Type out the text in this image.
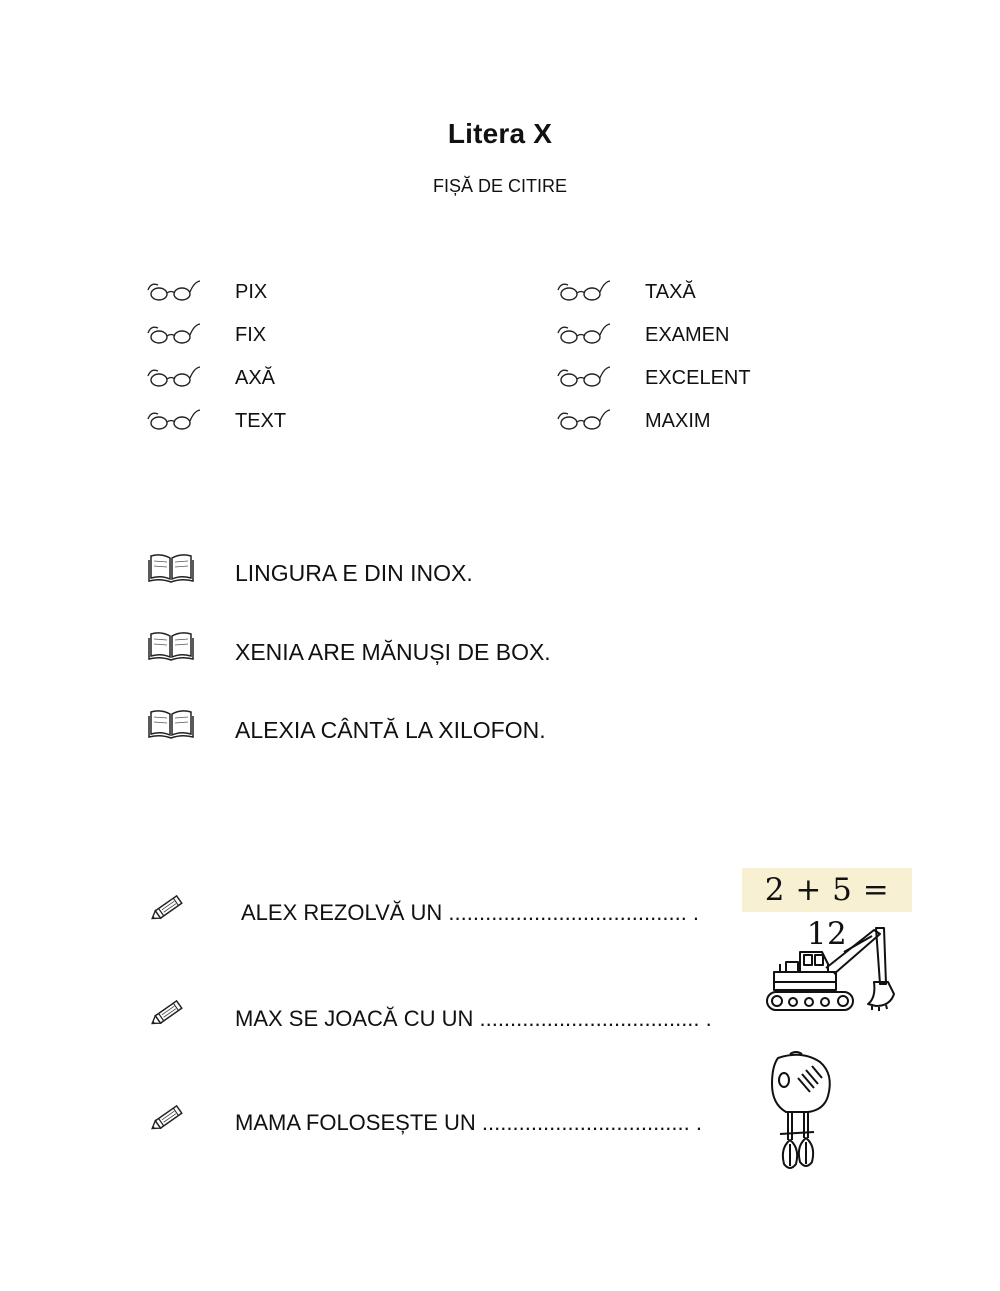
Litera X
FIȘĂ DE CITIRE
PIX
FIX
AXĂ
TEXT
TAXĂ
EXAMEN
EXCELENT
MAXIM
LINGURA E DIN INOX.
XENIA ARE MĂNUȘI DE BOX.
ALEXIA CÂNTĂ LA XILOFON.
ALEX REZOLVĂ UN ....................................... .
MAX SE JOACĂ CU UN .................................... .
MAMA FOLOSEȘTE UN .................................. .
2 + 5 = 12
